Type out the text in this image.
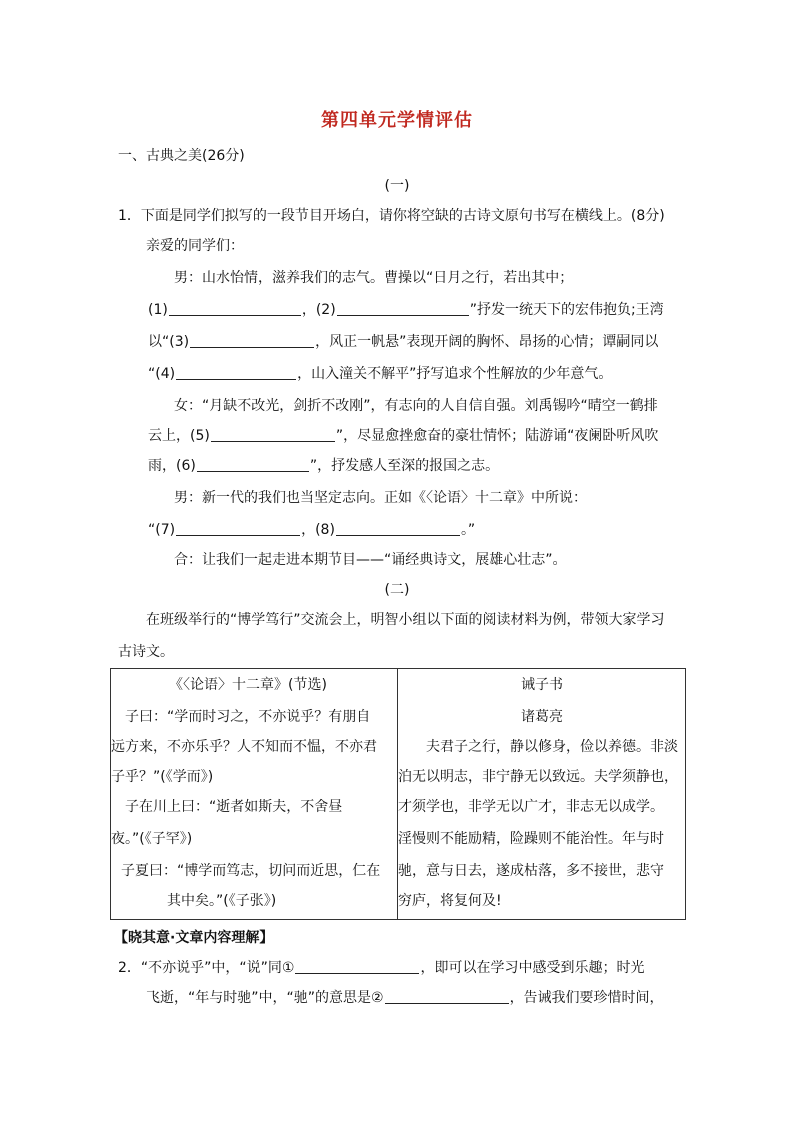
第四单元学情评估
一、古典之美(26分)
(一)
1．下面是同学们拟写的一段节目开场白，请你将空缺的古诗文原句书写在横线上。(8分)
亲爱的同学们：
男：山水怡情，滋养我们的志气。曹操以“日月之行，若出其中；
(1)	，(2)	”抒发一统天下的宏伟抱负;王湾
以“(3)	，风正一帆悬”表现开阔的胸怀、昂扬的心情；谭嗣同以
“(4)	，山入潼关不解平”抒写追求个性解放的少年意气。
女：“月缺不改光，剑折不改刚”，有志向的人自信自强。刘禹锡吟“晴空一鹤排
云上，(5)	”，尽显愈挫愈奋的豪壮情怀；陆游诵“夜阑卧听风吹
雨，(6)	”，抒发感人至深的报国之志。
男：新一代的我们也当坚定志向。正如《〈论语〉十二章》中所说：
“(7)	，(8)	。”
合：让我们一起走进本期节目——“诵经典诗文，展雄心壮志”。
(二)
在班级举行的“博学笃行”交流会上，明智小组以下面的阅读材料为例，带领大家学习
古诗文。
《〈论语〉十二章》(节选)
子曰：“学而时习之，不亦说乎？有朋自
远方来，不亦乐乎？人不知而不愠，不亦君
子乎？”(《学而》)
子在川上曰：“逝者如斯夫，不舍昼
夜。”(《子罕》)
子夏曰：“博学而笃志，切问而近思，仁在
其中矣。”(《子张》)

诫子书
诸葛亮
夫君子之行，静以修身，俭以养德。非淡
泊无以明志，非宁静无以致远。夫学须静也，
才须学也，非学无以广才，非志无以成学。
淫慢则不能励精，险躁则不能治性。年与时
驰，意与日去，遂成枯落，多不接世，悲守
穷庐，将复何及!
【晓其意·文章内容理解】
2．“不亦说乎”中，“说”同①	，即可以在学习中感受到乐趣；时光
飞逝，“年与时驰”中，“驰”的意思是②	，告诫我们要珍惜时间，
